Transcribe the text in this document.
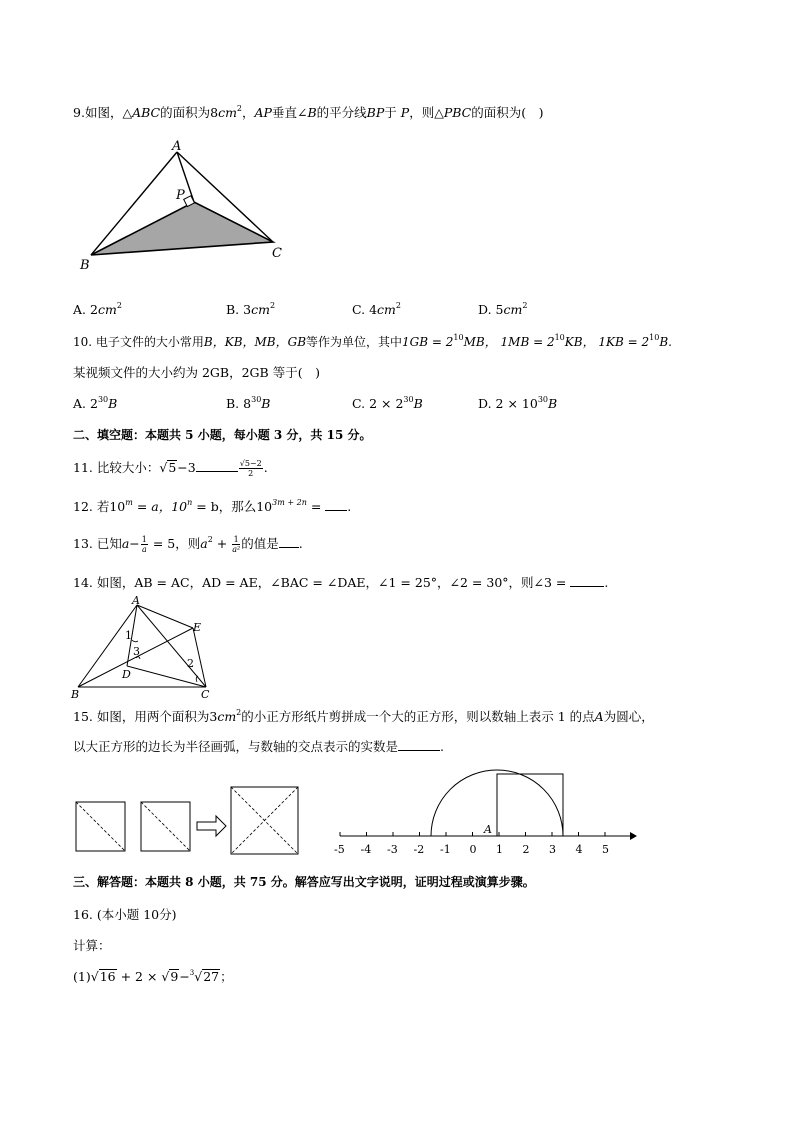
9.如图，△ABC的面积为$8cm^2$，AP垂直∠B的平分线BP于 P，则△PBC的面积为(　)
A
P
B
C
A. $2cm^2$	B. $3cm^2$	C. $4cm^2$	D. $5cm^2$
10. 电子文件的大小常用B，KB，MB，GB等作为单位，其中$1GB = 2^{10}MB$， $1MB = 2^{10}KB$， $1KB = 2^{10}B$.
某视频文件的大小约为 2GB，2GB 等于(　)
A. $2^{30}B$	B. $8^{30}B$	C. $2 \times 2^{30}B$	D. $2 \times 10^{30}B$
二、填空题：本题共 5 小题，每小题 3 分，共 15 分。
11. 比较大小：√5−3	$\frac{√5-2}{2}$ .
12. 若$10^m = a$，$10^n = b$，那么$10^{3m + 2n}$ = .
13. 已知$a- \frac{1}{a} = 5$，则$a^2 + \frac{1}{\text{a²}}$ 的值是 .
14. 如图，AB = AC，AD = AE，∠BAC = ∠DAE，∠1 = 25°，∠2 = 30°，则∠3 =	.
A
E
D
B	C
1
2
3
15. 如图，用两个面积为$3cm^2$的小正方形纸片剪拼成一个大的正方形，则以数轴上表示 1 的点A为圆心，
以大正方形的边长为半径画弧，与数轴的交点表示的实数是	.
-5 -4 -3 -2 -1 0 1 2 3 4 5
A
三、解答题：本题共 8 小题，共 75 分。解答应写出文字说明，证明过程或演算步骤。
16. (本小题 10分)
计算：
(1)√16 + 2 × √9−$^3$√27；
